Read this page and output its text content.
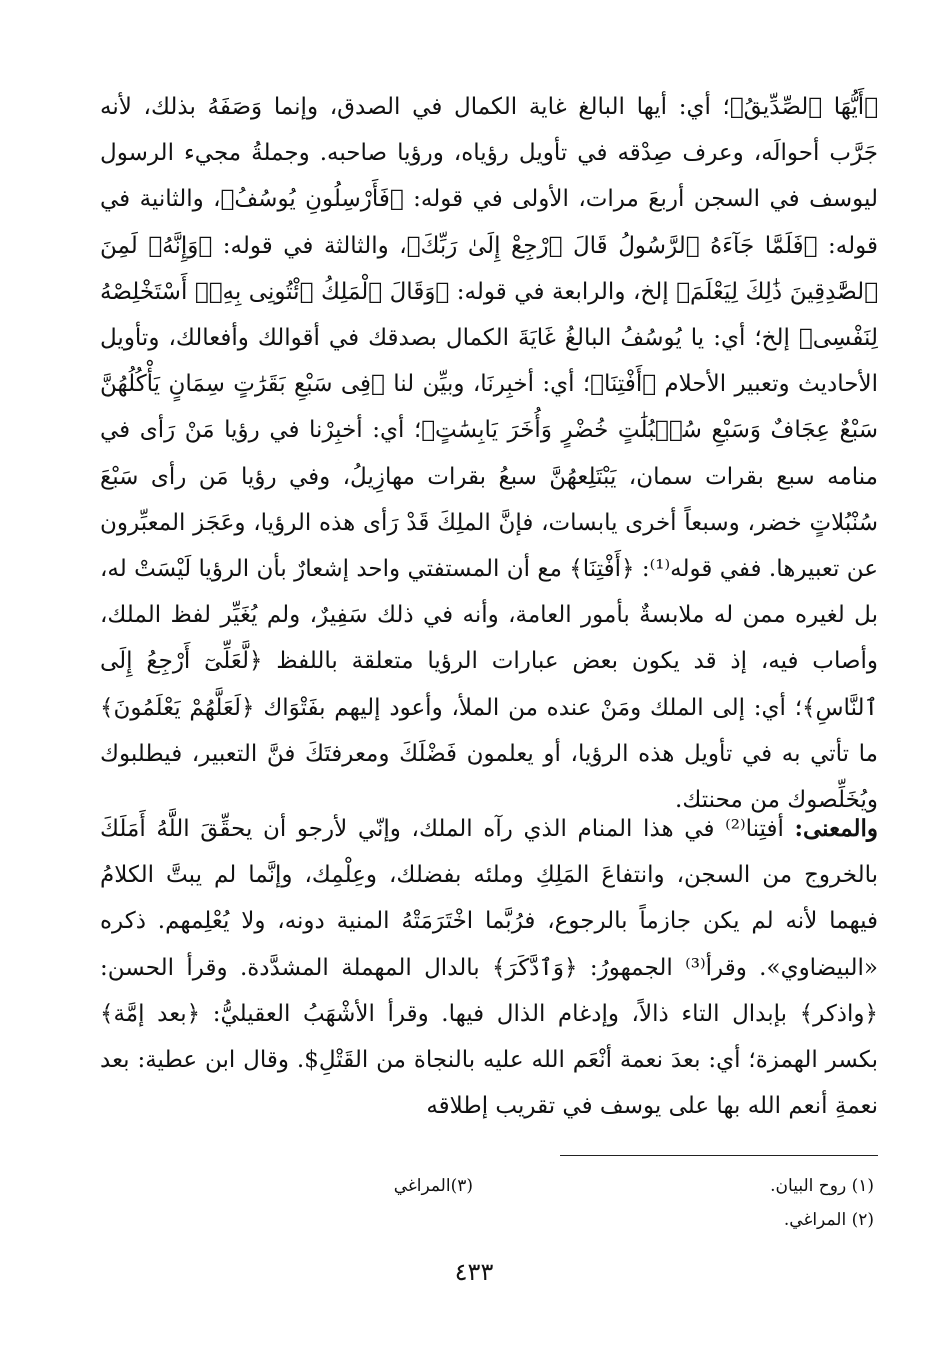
﴿أَيُّهَا ٱلصِّدِّيقُ﴾؛ أي: أيها البالغ غاية الكمال في الصدق، وإنما وَصَفَهُ بذلك، لأنه جَرَّب أحوالَه، وعرف صِدْقه في تأويل رؤياه، ورؤيا صاحبه. وجملةُ مجيء الرسول ليوسف في السجن أربعَ مرات، الأولى في قوله: ﴿فَأَرْسِلُونِ يُوسُفُ﴾، والثانية في قوله: ﴿فَلَمَّا جَآءَهُ ٱلرَّسُولُ قَالَ ٱرْجِعْ إِلَىٰ رَبِّكَ﴾، والثالثة في قوله: ﴿وَإِنَّهُۥ لَمِنَ ٱلصَّٰدِقِينَ ذَٰلِكَ لِيَعْلَمَ﴾ إلخ، والرابعة في قوله: ﴿وَقَالَ ٱلْمَلِكُ ٱئْتُونِى بِهِۦٓ أَسْتَخْلِصْهُ لِنَفْسِى﴾ إلخ؛ أي: يا يُوسُفُ البالغُ غَايَةَ الكمال بصدقك في أقوالك وأفعالك، وتأويل الأحاديث وتعبير الأحلام ﴿أَفْتِنَا﴾؛ أي: أخبِرنَا، وبيِّن لنا ﴿فِى سَبْعِ بَقَرَٰتٍ سِمَانٍ يَأْكُلُهُنَّ سَبْعٌ عِجَافٌ وَسَبْعِ سُنۢبُلَٰتٍ خُضْرٍ وَأُخَرَ يَابِسَٰتٍ﴾؛ أي: أخبِرْنا في رؤيا مَنْ رَأى في منامه سبع بقرات سمان، يَبْتَلِعهُنَّ سبعُ بقرات مهازِيلُ، وفي رؤيا مَن رأى سَبْعَ سُنْبُلاتٍ خضر، وسبعاً أخرى يابسات، فإنَّ الملِكَ قَدْ رَأى هذه الرؤيا، وعَجَز المعبِّرون عن تعبيرها. ففي قوله⁽¹⁾: ﴿أَفْتِنَا﴾ مع أن المستفتي واحد إشعارٌ بأن الرؤيا لَيْسَتْ له، بل لغيره ممن له ملابسةٌ بأمور العامة، وأنه في ذلك سَفِيرٌ، ولم يُغَيِّر لفظ الملك، وأصاب فيه، إذ قد يكون بعض عبارات الرؤيا متعلقة باللفظ ﴿لَّعَلِّىٓ أَرْجِعُ إِلَى ٱلنَّاسِ﴾؛ أي: إلى الملك ومَنْ عنده من الملأ، وأعود إليهم بفَتْوَاك ﴿لَعَلَّهُمْ يَعْلَمُونَ﴾ ما تأتي به في تأويل هذه الرؤيا، أو يعلمون فَضْلَكَ ومعرفتَكَ فنَّ التعبير، فيطلبوك ويُخَلِّصوك من محنتك.

والمعنى: أفتِنا⁽²⁾ في هذا المنام الذي رآه الملك، وإنّي لأرجو أن يحقِّقَ اللَّهُ أَمَلَكَ بالخروج من السجن، وانتفاعَ المَلِكِ وملئه بفضلك، وعِلْمِك، وإنَّما لم يبتَّ الكلامُ فيهما لأنه لم يكن جازماً بالرجوع، فرُبَّما اخْتَرَمَتْهُ المنية دونه، ولا يُعْلِمهم. ذكره «البيضاوي». وقرأ⁽³⁾ الجمهورُ: ﴿وَٱدَّكَرَ﴾ بالدال المهملة المشدَّدة. وقرأ الحسن: ﴿واذكر﴾ بإبدال التاء ذالاً، وإدغام الذال فيها. وقرأ الأشْهَبُ العقيليُّ: ﴿بعد إمَّة﴾ بكسر الهمزة؛ أي: بعدَ نعمة أنْعَم الله عليه بالنجاة من القَتْلِ$. وقال ابن عطية: بعد نعمةِ أنعم الله بها على يوسف في تقريب إطلاقه

(١) روح البيان.
(٢) المراغي.
(٣)المراغي
٤٣٣
